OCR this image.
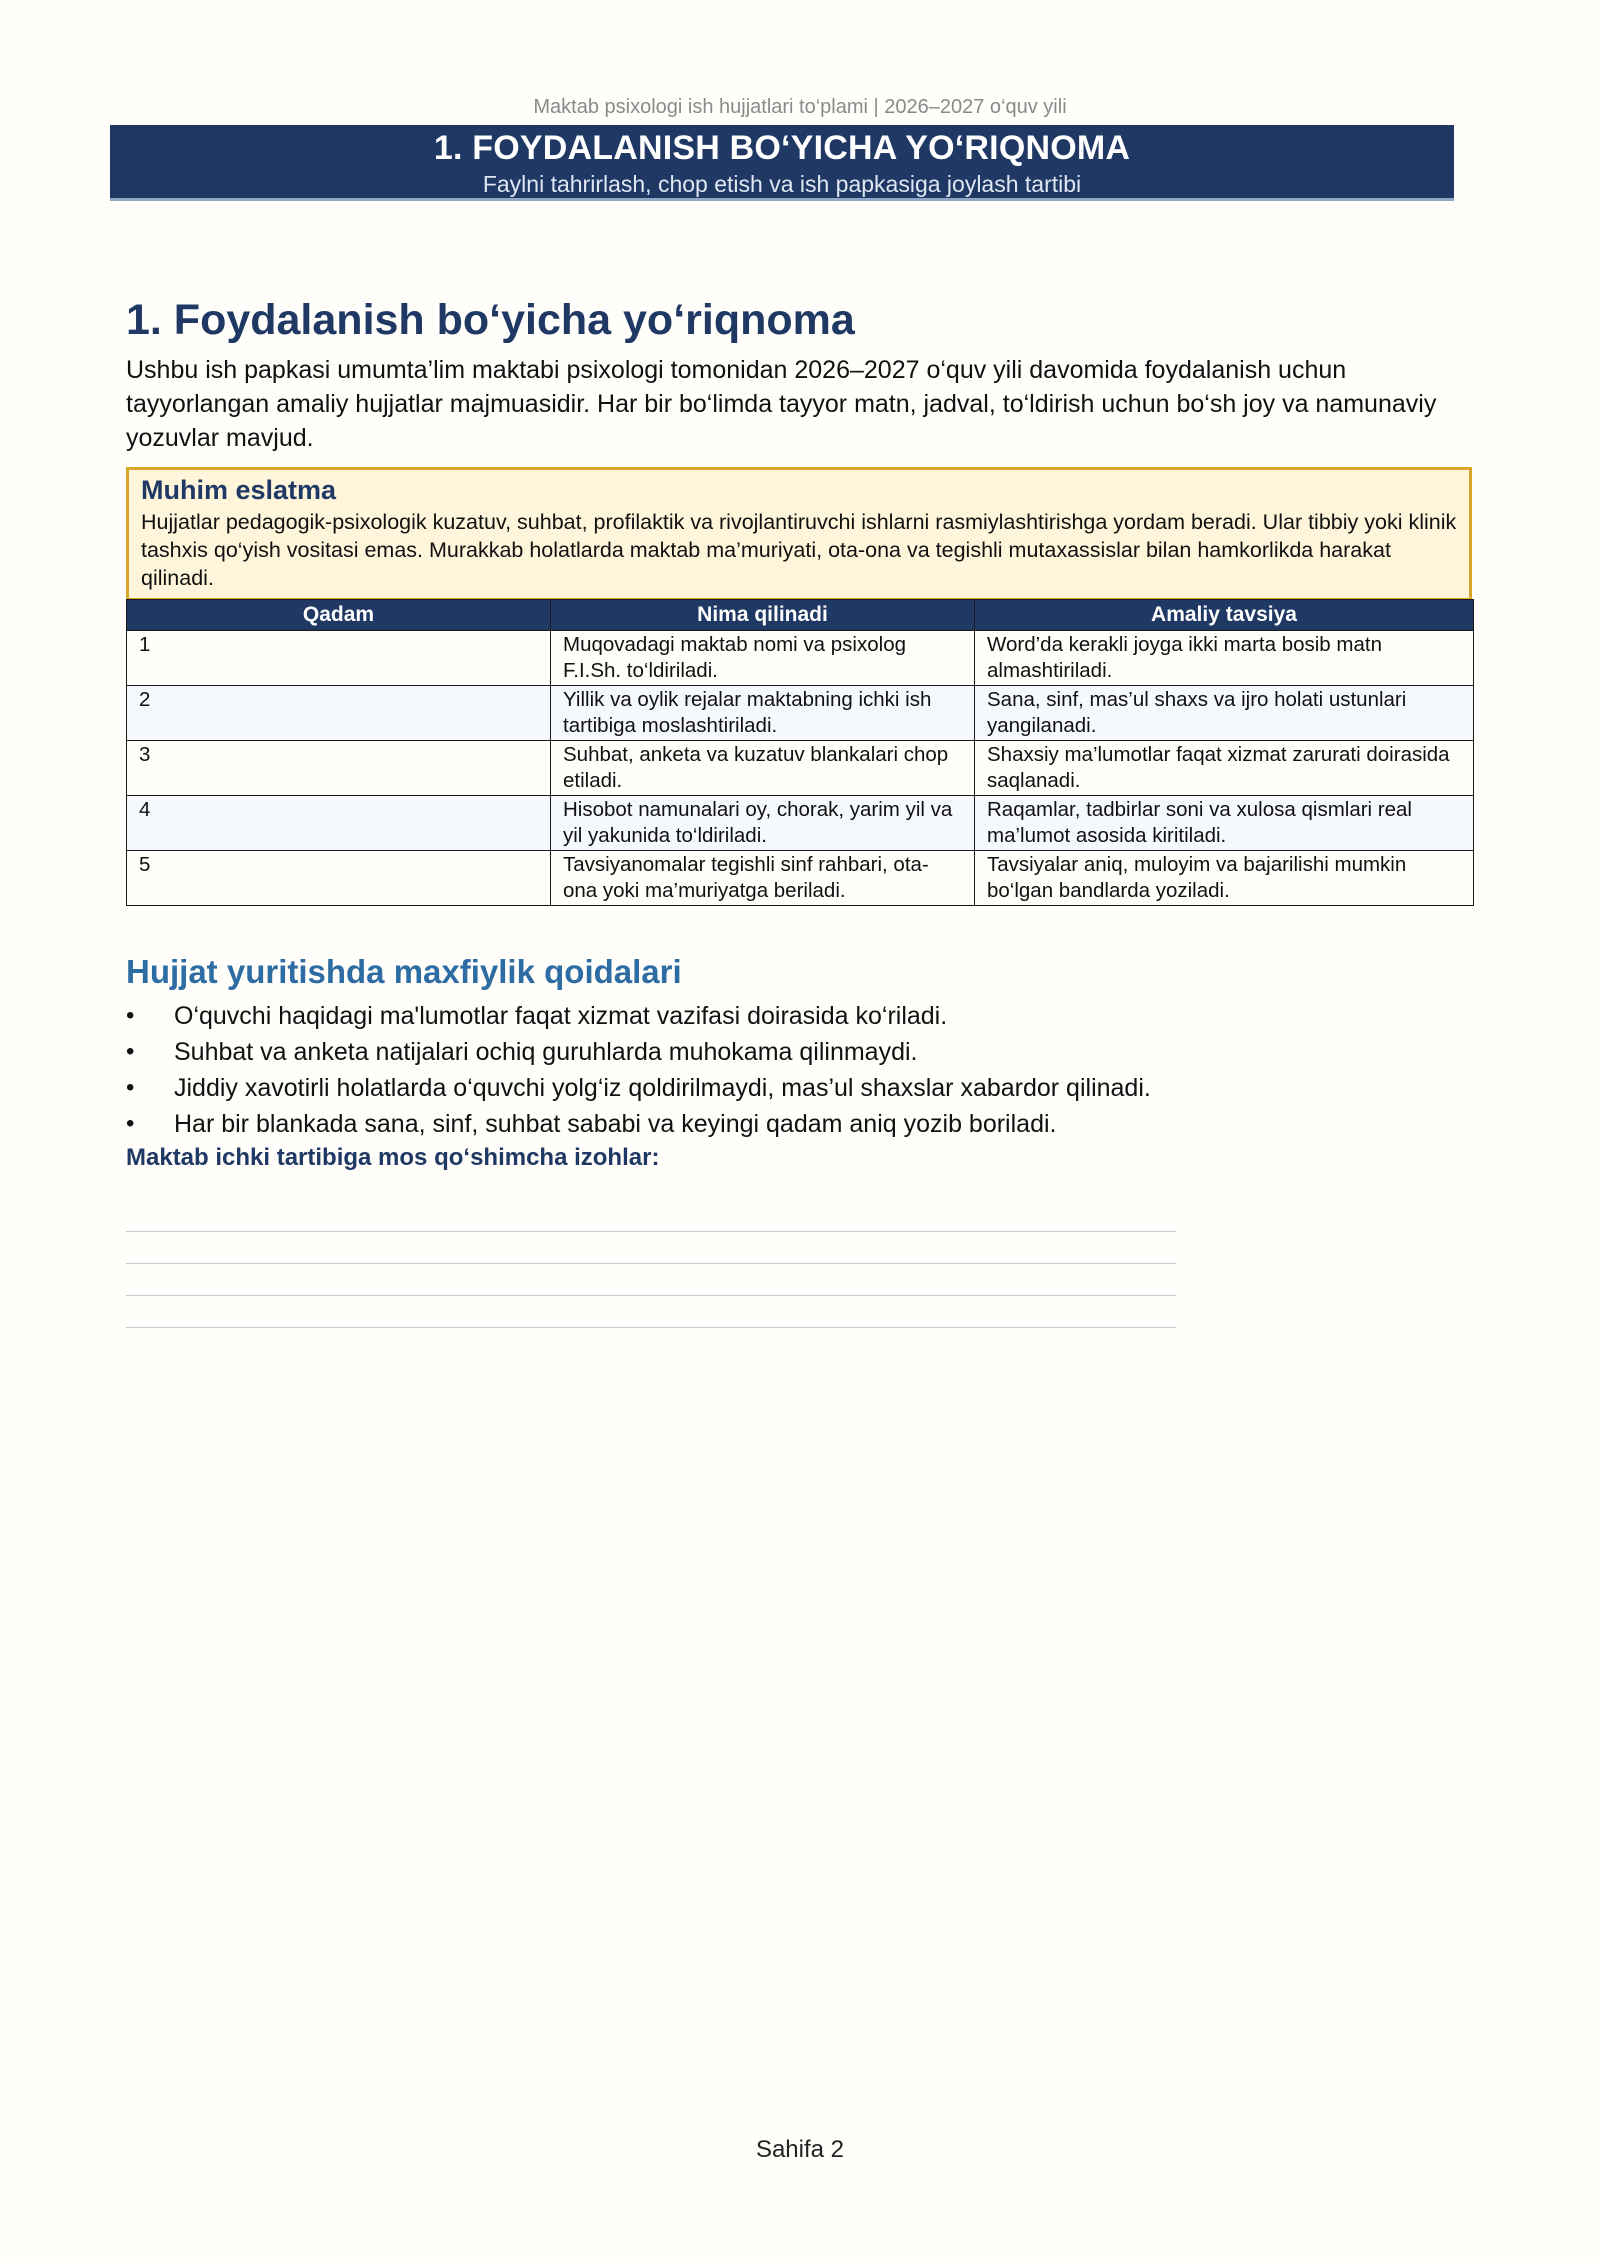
Maktab psixologi ish hujjatlari to‘plami | 2026–2027 o‘quv yili
1. FOYDALANISH BO‘YICHA YO‘RIQNOMA
Faylni tahrirlash, chop etish va ish papkasiga joylash tartibi
1. Foydalanish bo‘yicha yo‘riqnoma
Ushbu ish papkasi umumta’lim maktabi psixologi tomonidan 2026–2027 o‘quv yili davomida foydalanish uchun tayyorlangan amaliy hujjatlar majmuasidir. Har bir bo‘limda tayyor matn, jadval, to‘ldirish uchun bo‘sh joy va namunaviy yozuvlar mavjud.
Muhim eslatma
Hujjatlar pedagogik-psixologik kuzatuv, suhbat, profilaktik va rivojlantiruvchi ishlarni rasmiylashtirishga yordam beradi. Ular tibbiy yoki klinik tashxis qo‘yish vositasi emas. Murakkab holatlarda maktab ma’muriyati, ota-ona va tegishli mutaxassislar bilan hamkorlikda harakat qilinadi.
Qadam	Nima qilinadi	Amaliy tavsiya
1	Muqovadagi maktab nomi va psixolog F.I.Sh. to‘ldiriladi.	Word’da kerakli joyga ikki marta bosib matn almashtiriladi.
2	Yillik va oylik rejalar maktabning ichki ish tartibiga moslashtiriladi.	Sana, sinf, mas’ul shaxs va ijro holati ustunlari yangilanadi.
3	Suhbat, anketa va kuzatuv blankalari chop etiladi.	Shaxsiy ma’lumotlar faqat xizmat zarurati doirasida saqlanadi.
4	Hisobot namunalari oy, chorak, yarim yil va yil yakunida to‘ldiriladi.	Raqamlar, tadbirlar soni va xulosa qismlari real ma’lumot asosida kiritiladi.
5	Tavsiyanomalar tegishli sinf rahbari, ota-ona yoki ma’muriyatga beriladi.	Tavsiyalar aniq, muloyim va bajarilishi mumkin bo‘lgan bandlarda yoziladi.
Hujjat yuritishda maxfiylik qoidalari
• O‘quvchi haqidagi ma'lumotlar faqat xizmat vazifasi doirasida ko‘riladi.
• Suhbat va anketa natijalari ochiq guruhlarda muhokama qilinmaydi.
• Jiddiy xavotirli holatlarda o‘quvchi yolg‘iz qoldirilmaydi, mas’ul shaxslar xabardor qilinadi.
• Har bir blankada sana, sinf, suhbat sababi va keyingi qadam aniq yozib boriladi.
Maktab ichki tartibiga mos qo‘shimcha izohlar:
Sahifa 2
